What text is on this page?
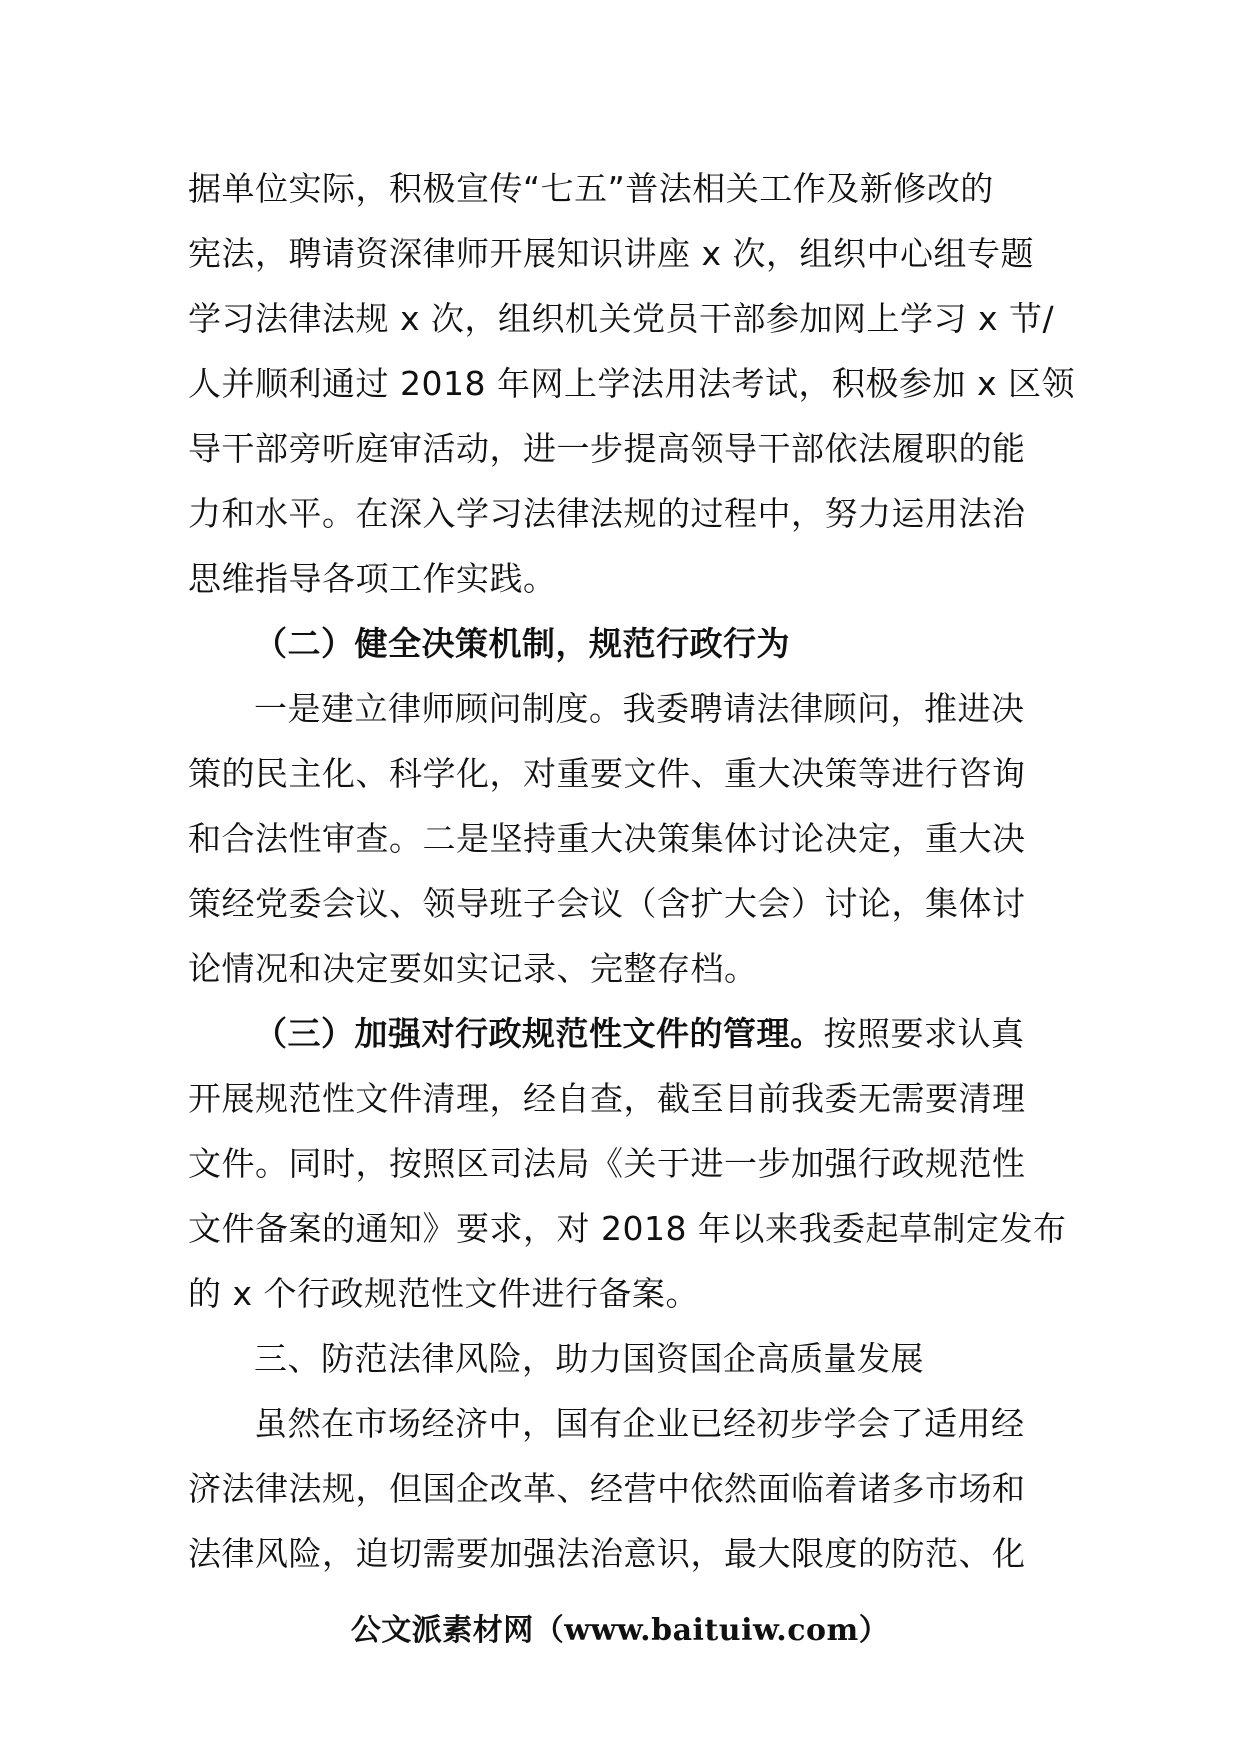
据单位实际，积极宣传“七五”普法相关工作及新修改的
宪法，聘请资深律师开展知识讲座 x 次，组织中心组专题
学习法律法规 x 次，组织机关党员干部参加网上学习 x 节/
人并顺利通过 2018 年网上学法用法考试，积极参加 x 区领
导干部旁听庭审活动，进一步提高领导干部依法履职的能
力和水平。在深入学习法律法规的过程中，努力运用法治
思维指导各项工作实践。
（二）健全决策机制，规范行政行为
一是建立律师顾问制度。我委聘请法律顾问，推进决
策的民主化、科学化，对重要文件、重大决策等进行咨询
和合法性审查。二是坚持重大决策集体讨论决定，重大决
策经党委会议、领导班子会议（含扩大会）讨论，集体讨
论情况和决定要如实记录、完整存档。
（三）加强对行政规范性文件的管理。按照要求认真
开展规范性文件清理，经自查，截至目前我委无需要清理
文件。同时，按照区司法局《关于进一步加强行政规范性
文件备案的通知》要求，对 2018 年以来我委起草制定发布
的 x 个行政规范性文件进行备案。
三、防范法律风险，助力国资国企高质量发展
虽然在市场经济中，国有企业已经初步学会了适用经
济法律法规，但国企改革、经营中依然面临着诸多市场和
法律风险，迫切需要加强法治意识，最大限度的防范、化
公文派素材网（www.baituiw.com）
